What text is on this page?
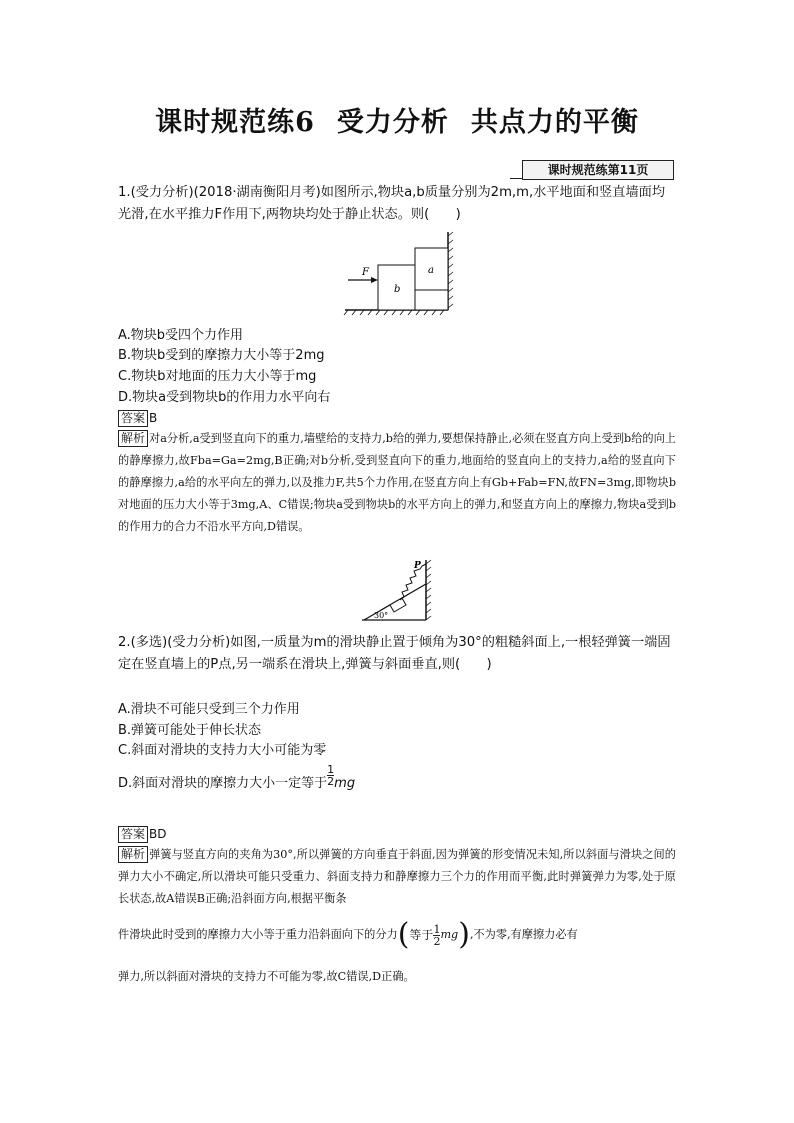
课时规范练6 受力分析 共点力的平衡
课时规范练第11页
1.(受力分析)(2018·湖南衡阳月考)如图所示,物块a,b质量分别为2m,m,水平地面和竖直墙面均光滑,在水平推力F作用下,两物块均处于静止状态。则(　　)
b
a
F
A.物块b受四个力作用
B.物块b受到的摩擦力大小等于2mg
C.物块b对地面的压力大小等于mg
D.物块a受到物块b的作用力水平向右
答案 B
解析 对a分析,a受到竖直向下的重力,墙壁给的支持力,b给的弹力,要想保持静止,必须在竖直方向上受到b给的向上的静摩擦力,故Fba=Ga=2mg,B正确;对b分析,受到竖直向下的重力,地面给的竖直向上的支持力,a给的竖直向下的静摩擦力,a给的水平向左的弹力,以及推力F,共5个力作用,在竖直方向上有Gb+Fab=FN,故FN=3mg,即物块b对地面的压力大小等于3mg,A、C错误;物块a受到物块b的水平方向上的弹力,和竖直方向上的摩擦力,物块a受到b的作用力的合力不沿水平方向,D错误。
P
30°
2.(多选)(受力分析)如图,一质量为m的滑块静止置于倾角为30°的粗糙斜面上,一根轻弹簧一端固定在竖直墙上的P点,另一端系在滑块上,弹簧与斜面垂直,则(　　)
A.滑块不可能只受到三个力作用
B.弹簧可能处于伸长状态
C.斜面对滑块的支持力大小可能为零
D.斜面对滑块的摩擦力大小一定等于 $\frac{1}{2}$ mg
答案 BD
解析 弹簧与竖直方向的夹角为30°,所以弹簧的方向垂直于斜面,因为弹簧的形变情况未知,所以斜面与滑块之间的弹力大小不确定,所以滑块可能只受重力、斜面支持力和静摩擦力三个力的作用而平衡,此时弹簧弹力为零,处于原长状态,故A错误B正确;沿斜面方向,根据平衡条
件滑块此时受到的摩擦力大小等于重力沿斜面向下的分力(等于 $\frac{1}{2} mg$),不为零,有摩擦力必有
弹力,所以斜面对滑块的支持力不可能为零,故C错误,D正确。
